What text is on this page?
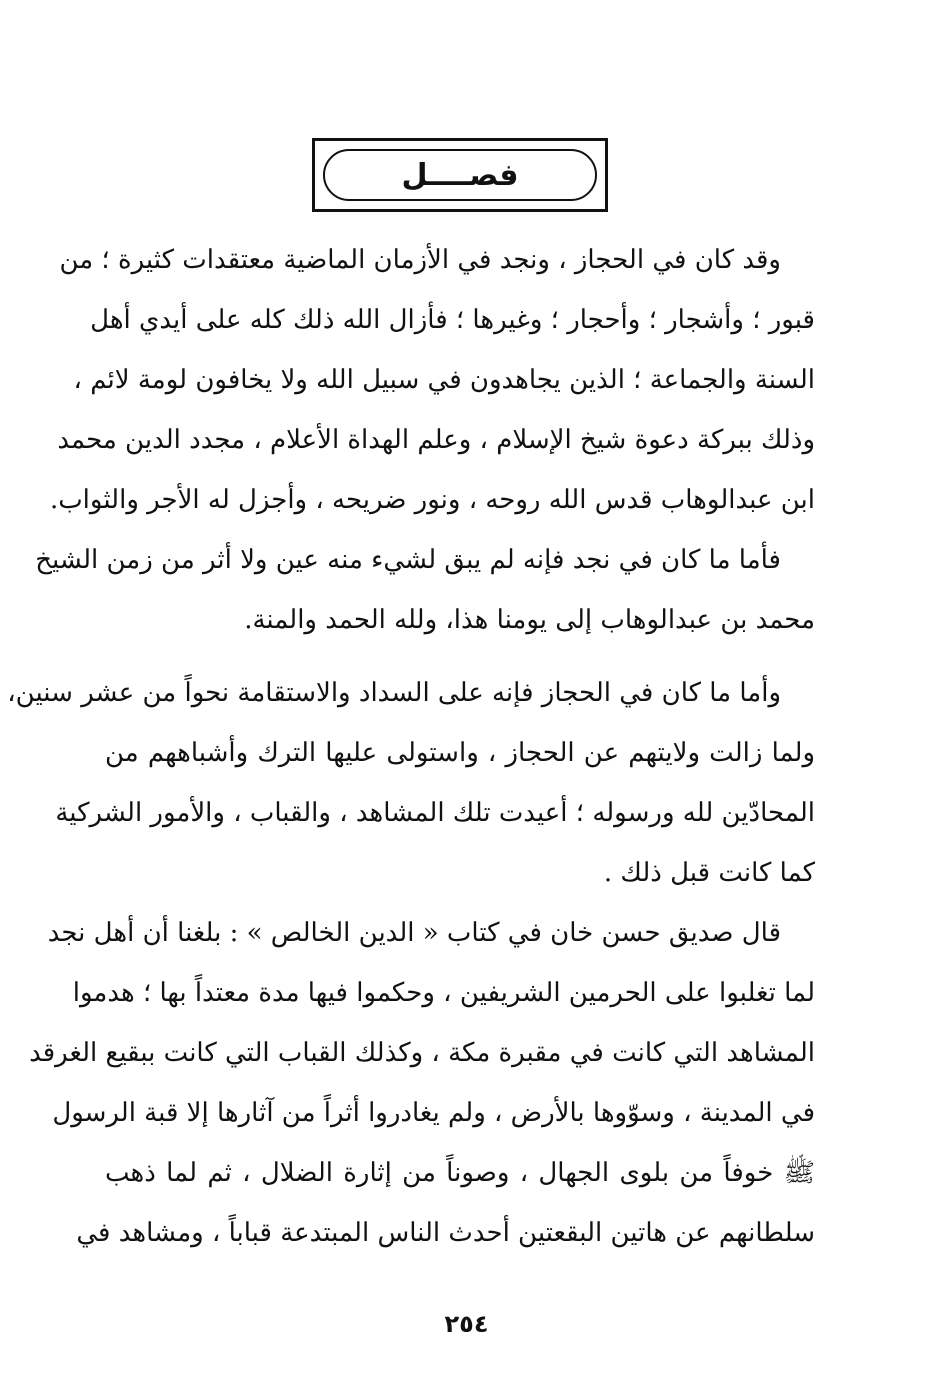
فصــــل
وقد كان في الحجاز ، ونجد في الأزمان الماضية معتقدات كثيرة ؛ من
قبور ؛ وأشجار ؛ وأحجار ؛ وغيرها ؛ فأزال الله ذلك كله على أيدي أهل
السنة والجماعة ؛ الذين يجاهدون في سبيل الله ولا يخافون لومة لائم ،
وذلك ببركة دعوة شيخ الإسلام ، وعلم الهداة الأعلام ، مجدد الدين محمد
ابن عبدالوهاب قدس الله روحه ، ونور ضريحه ، وأجزل له الأجر والثواب.
فأما ما كان في نجد فإنه لم يبق لشيء منه عين ولا أثر من زمن الشيخ
محمد بن عبدالوهاب إلى يومنا هذا، ولله الحمد والمنة.
وأما ما كان في الحجاز فإنه على السداد والاستقامة نحواً من عشر سنين،
ولما زالت ولايتهم عن الحجاز ، واستولى عليها الترك وأشباههم من
المحادّين لله ورسوله ؛ أعيدت تلك المشاهد ، والقباب ، والأمور الشركية
كما كانت قبل ذلك .
قال صديق حسن خان في كتاب « الدين الخالص » : بلغنا أن أهل نجد
لما تغلبوا على الحرمين الشريفين ، وحكموا فيها مدة معتداً بها ؛ هدموا
المشاهد التي كانت في مقبرة مكة ، وكذلك القباب التي كانت ببقيع الغرقد
في المدينة ، وسوّوها بالأرض ، ولم يغادروا أثراً من آثارها إلا قبة الرسول
ﷺ خوفاً من بلوى الجهال ، وصوناً من إثارة الضلال ، ثم لما ذهب
سلطانهم عن هاتين البقعتين أحدث الناس المبتدعة قباباً ، ومشاهد في
٢٥٤
